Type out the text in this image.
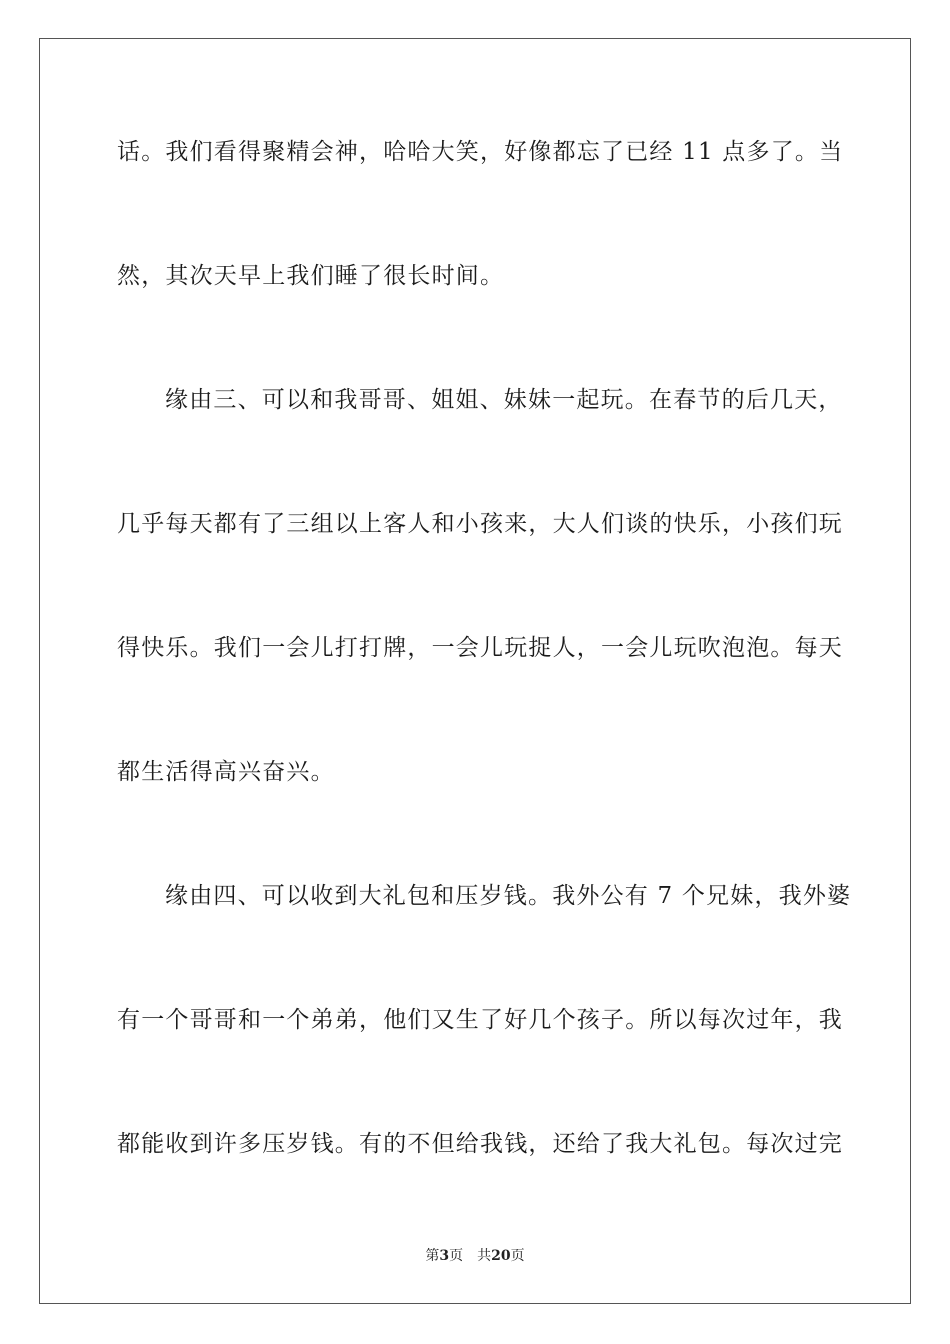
话。我们看得聚精会神，哈哈大笑，好像都忘了已经 11 点多了。当
然，其次天早上我们睡了很长时间。
缘由三、可以和我哥哥、姐姐、妹妹一起玩。在春节的后几天，
几乎每天都有了三组以上客人和小孩来，大人们谈的快乐，小孩们玩
得快乐。我们一会儿打打牌，一会儿玩捉人，一会儿玩吹泡泡。每天
都生活得高兴奋兴。
缘由四、可以收到大礼包和压岁钱。我外公有 7 个兄妹，我外婆
有一个哥哥和一个弟弟，他们又生了好几个孩子。所以每次过年，我
都能收到许多压岁钱。有的不但给我钱，还给了我大礼包。每次过完
第3页 共20页
